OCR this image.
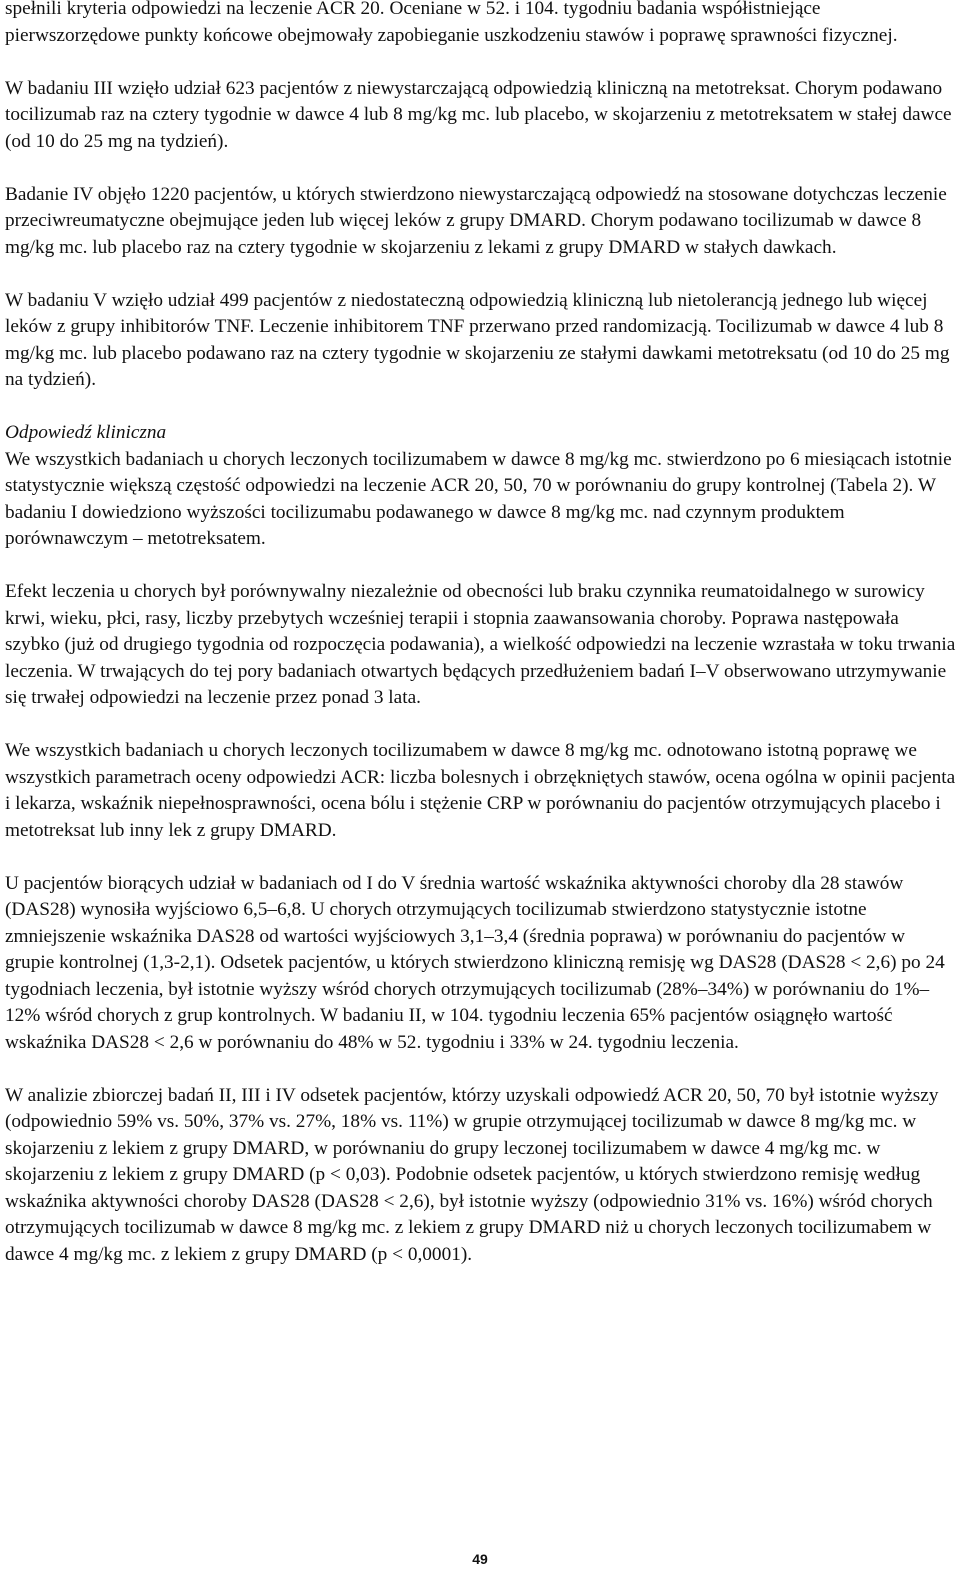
spełnili kryteria odpowiedzi na leczenie ACR 20. Oceniane w 52. i 104. tygodniu badania współistniejące pierwszorzędowe punkty końcowe obejmowały zapobieganie uszkodzeniu stawów i poprawę sprawności fizycznej.

W badaniu III wzięło udział 623 pacjentów z niewystarczającą odpowiedzią kliniczną na metotreksat. Chorym podawano tocilizumab raz na cztery tygodnie w dawce 4 lub 8 mg/kg mc. lub placebo, w skojarzeniu z metotreksatem w stałej dawce (od 10 do 25 mg na tydzień).

Badanie IV objęło 1220 pacjentów, u których stwierdzono niewystarczającą odpowiedź na stosowane dotychczas leczenie przeciwreumatyczne obejmujące jeden lub więcej leków z grupy DMARD. Chorym podawano tocilizumab w dawce 8 mg/kg mc. lub placebo raz na cztery tygodnie w skojarzeniu z lekami z grupy DMARD w stałych dawkach.

W badaniu V wzięło udział 499 pacjentów z niedostateczną odpowiedzią kliniczną lub nietolerancją jednego lub więcej leków z grupy inhibitorów TNF. Leczenie inhibitorem TNF przerwano przed randomizacją. Tocilizumab w dawce 4 lub 8 mg/kg mc. lub placebo podawano raz na cztery tygodnie w skojarzeniu ze stałymi dawkami metotreksatu (od 10 do 25 mg na tydzień).

Odpowiedź kliniczna

We wszystkich badaniach u chorych leczonych tocilizumabem w dawce 8 mg/kg mc. stwierdzono po 6 miesiącach istotnie statystycznie większą częstość odpowiedzi na leczenie ACR 20, 50, 70 w porównaniu do grupy kontrolnej (Tabela 2). W badaniu I dowiedziono wyższości tocilizumabu podawanego w dawce 8 mg/kg mc. nad czynnym produktem porównawczym – metotreksatem.

Efekt leczenia u chorych był porównywalny niezależnie od obecności lub braku czynnika reumatoidalnego w surowicy krwi, wieku, płci, rasy, liczby przebytych wcześniej terapii i stopnia zaawansowania choroby. Poprawa następowała szybko (już od drugiego tygodnia od rozpoczęcia podawania), a wielkość odpowiedzi na leczenie wzrastała w toku trwania leczenia. W trwających do tej pory badaniach otwartych będących przedłużeniem badań I–V obserwowano utrzymywanie się trwałej odpowiedzi na leczenie przez ponad 3 lata.

We wszystkich badaniach u chorych leczonych tocilizumabem w dawce 8 mg/kg mc. odnotowano istotną poprawę we wszystkich parametrach oceny odpowiedzi ACR: liczba bolesnych i obrzękniętych stawów, ocena ogólna w opinii pacjenta i lekarza, wskaźnik niepełnosprawności, ocena bólu i stężenie CRP w porównaniu do pacjentów otrzymujących placebo i metotreksat lub inny lek z grupy DMARD.

U pacjentów biorących udział w badaniach od I do V średnia wartość wskaźnika aktywności choroby dla 28 stawów (DAS28) wynosiła wyjściowo 6,5–6,8. U chorych otrzymujących tocilizumab stwierdzono statystycznie istotne zmniejszenie wskaźnika DAS28 od wartości wyjściowych 3,1–3,4 (średnia poprawa) w porównaniu do pacjentów w grupie kontrolnej (1,3-2,1). Odsetek pacjentów, u których stwierdzono kliniczną remisję wg DAS28 (DAS28 < 2,6) po 24 tygodniach leczenia, był istotnie wyższy wśród chorych otrzymujących tocilizumab (28%–34%) w porównaniu do 1%–12% wśród chorych z grup kontrolnych. W badaniu II, w 104. tygodniu leczenia 65% pacjentów osiągnęło wartość wskaźnika DAS28 < 2,6 w porównaniu do 48% w 52. tygodniu i 33% w 24. tygodniu leczenia.

W analizie zbiorczej badań II, III i IV odsetek pacjentów, którzy uzyskali odpowiedź ACR 20, 50, 70 był istotnie wyższy (odpowiednio 59% vs. 50%, 37% vs. 27%, 18% vs. 11%) w grupie otrzymującej tocilizumab w dawce 8 mg/kg mc. w skojarzeniu z lekiem z grupy DMARD, w porównaniu do grupy leczonej tocilizumabem w dawce 4 mg/kg mc. w skojarzeniu z lekiem z grupy DMARD (p < 0,03). Podobnie odsetek pacjentów, u których stwierdzono remisję według wskaźnika aktywności choroby DAS28 (DAS28 < 2,6), był istotnie wyższy (odpowiednio 31% vs. 16%) wśród chorych otrzymujących tocilizumab w dawce 8 mg/kg mc. z lekiem z grupy DMARD niż u chorych leczonych tocilizumabem w dawce 4 mg/kg mc. z lekiem z grupy DMARD (p < 0,0001).

49
